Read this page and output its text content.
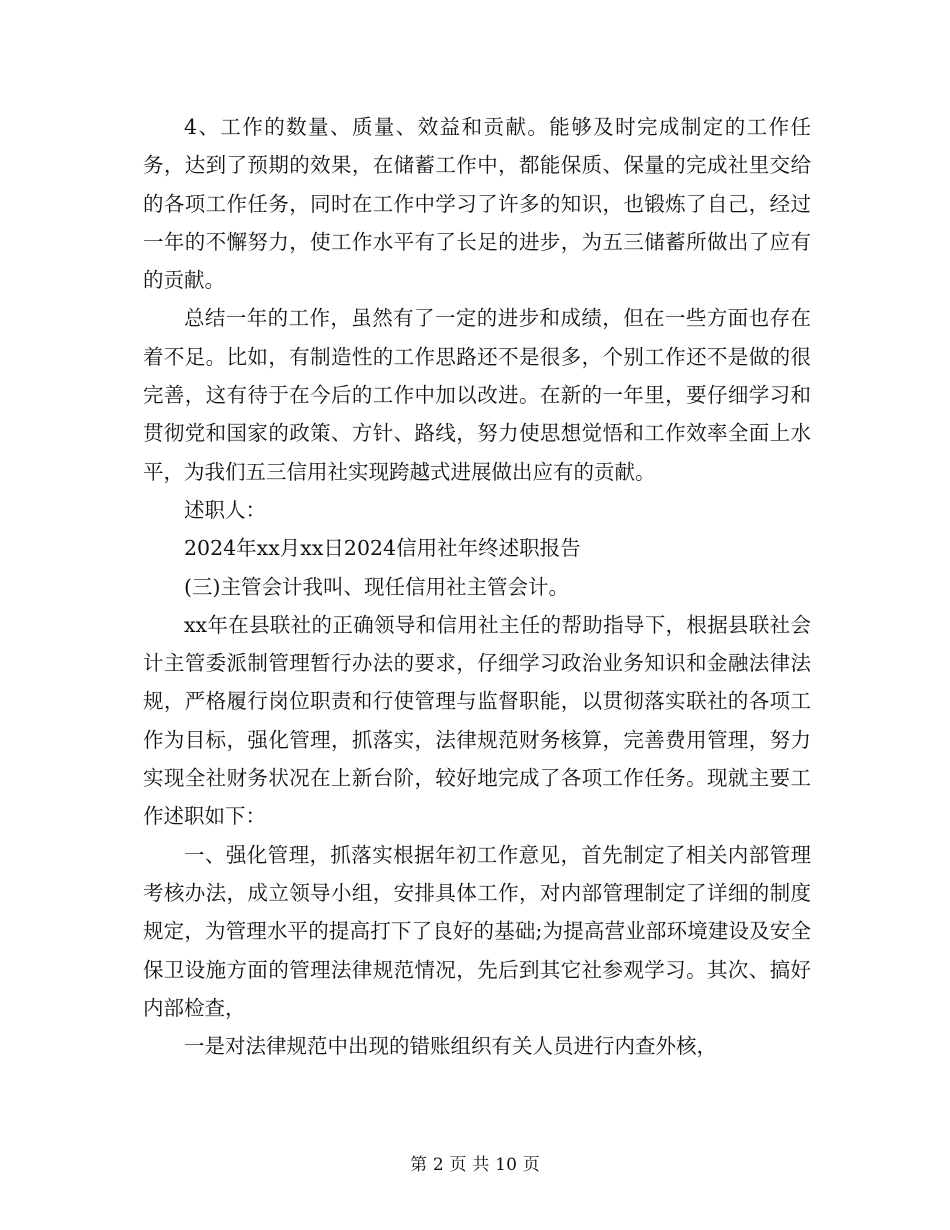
4、工作的数量、质量、效益和贡献。能够及时完成制定的工作任务，达到了预期的效果，在储蓄工作中，都能保质、保量的完成社里交给的各项工作任务，同时在工作中学习了许多的知识，也锻炼了自己，经过一年的不懈努力，使工作水平有了长足的进步，为五三储蓄所做出了应有的贡献。

总结一年的工作，虽然有了一定的进步和成绩，但在一些方面也存在着不足。比如，有制造性的工作思路还不是很多，个别工作还不是做的很完善，这有待于在今后的工作中加以改进。在新的一年里，要仔细学习和贯彻党和国家的政策、方针、路线，努力使思想觉悟和工作效率全面上水平，为我们五三信用社实现跨越式进展做出应有的贡献。

述职人：

2024年xx月xx日2024信用社年终述职报告

(三)主管会计我叫、现任信用社主管会计。

xx年在县联社的正确领导和信用社主任的帮助指导下，根据县联社会计主管委派制管理暂行办法的要求，仔细学习政治业务知识和金融法律法规，严格履行岗位职责和行使管理与监督职能，以贯彻落实联社的各项工作为目标，强化管理，抓落实，法律规范财务核算，完善费用管理，努力实现全社财务状况在上新台阶，较好地完成了各项工作任务。现就主要工作述职如下：

一、强化管理，抓落实根据年初工作意见，首先制定了相关内部管理考核办法，成立领导小组，安排具体工作，对内部管理制定了详细的制度规定，为管理水平的提高打下了良好的基础;为提高营业部环境建设及安全保卫设施方面的管理法律规范情况，先后到其它社参观学习。其次、搞好内部检查，

一是对法律规范中出现的错账组织有关人员进行内查外核，

第 2 页 共 10 页
